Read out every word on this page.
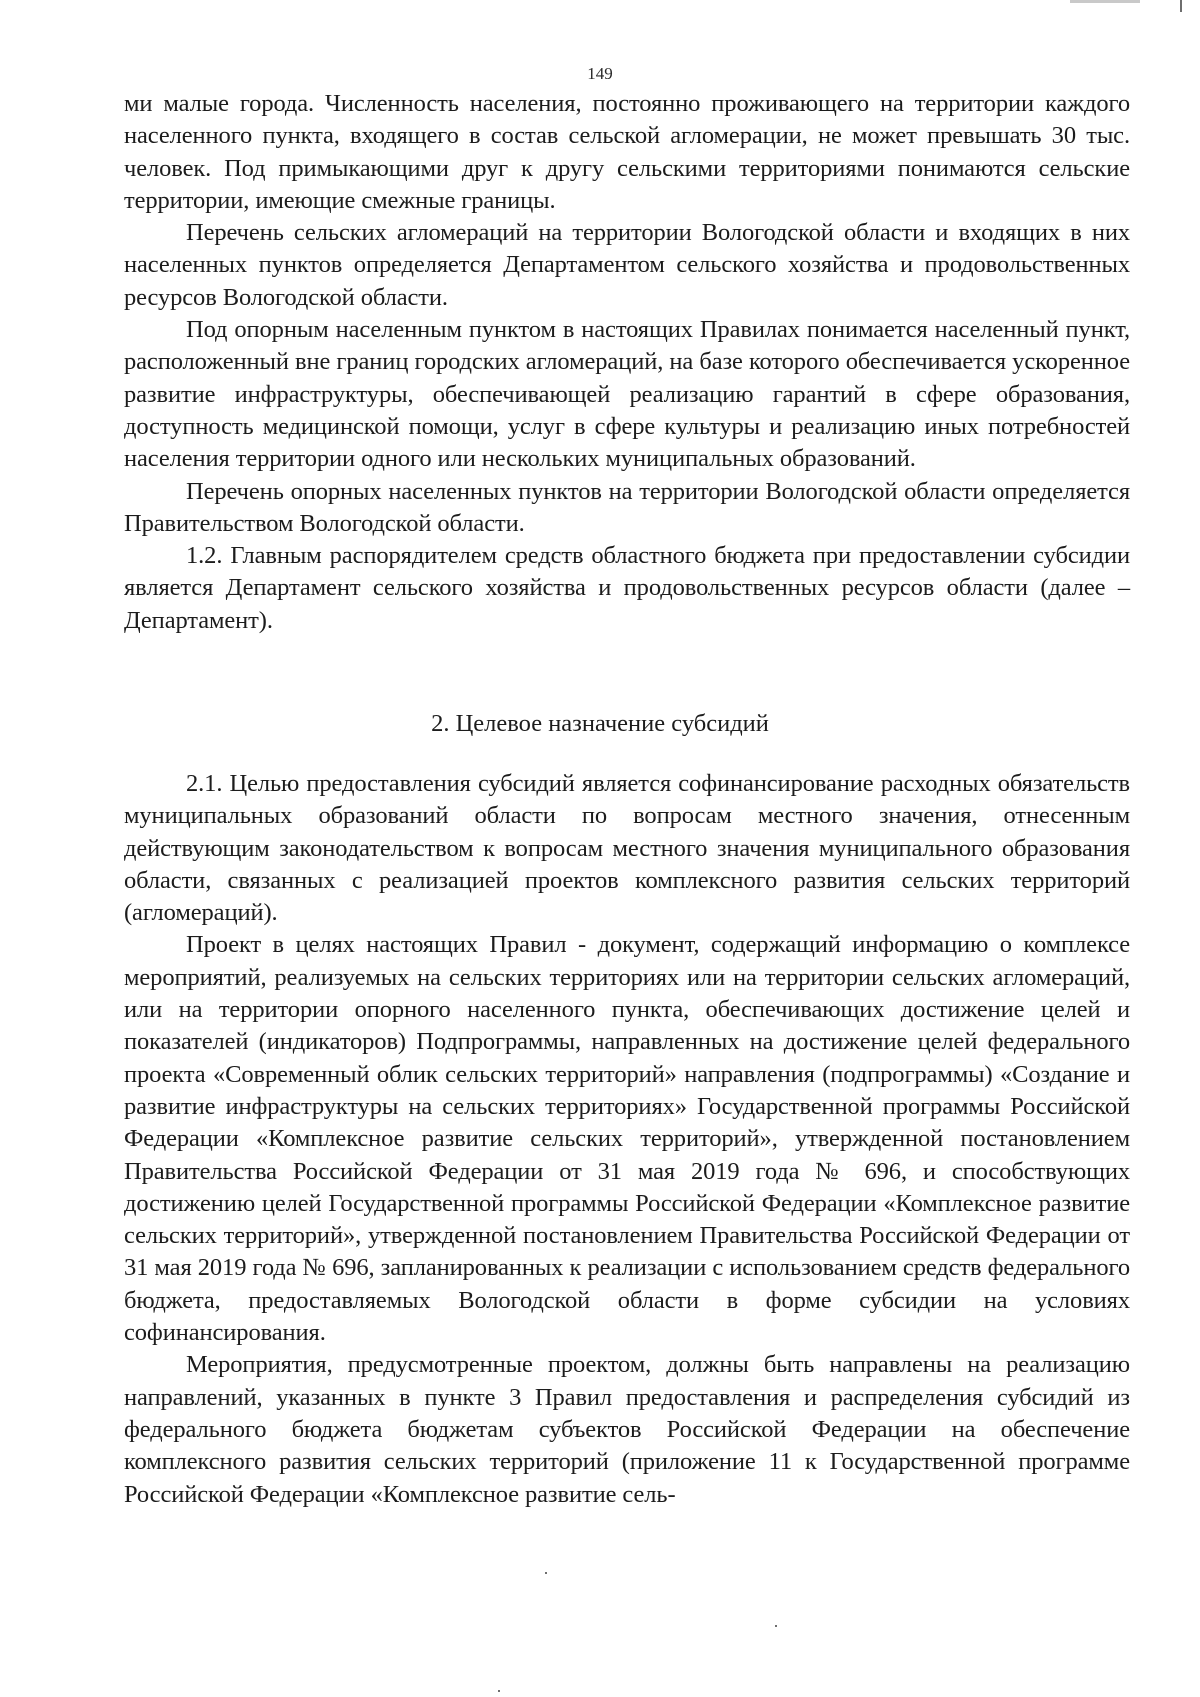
149

ми малые города. Численность населения, постоянно проживающего на территории каждого населенного пункта, входящего в состав сельской агломерации, не может превышать 30 тыс. человек. Под примыкающими друг к другу сельскими территориями понимаются сельские территории, имеющие смежные границы.

Перечень сельских агломераций на территории Вологодской области и входящих в них населенных пунктов определяется Департаментом сельского хозяйства и продовольственных ресурсов Вологодской области.

Под опорным населенным пунктом в настоящих Правилах понимается населенный пункт, расположенный вне границ городских агломераций, на базе которого обеспечивается ускоренное развитие инфраструктуры, обеспечивающей реализацию гарантий в сфере образования, доступность медицинской помощи, услуг в сфере культуры и реализацию иных потребностей населения территории одного или нескольких муниципальных образований.

Перечень опорных населенных пунктов на территории Вологодской области определяется Правительством Вологодской области.

1.2. Главным распорядителем средств областного бюджета при предоставлении субсидии является Департамент сельского хозяйства и продовольственных ресурсов области (далее – Департамент).

2. Целевое назначение субсидий

2.1. Целью предоставления субсидий является софинансирование расходных обязательств муниципальных образований области по вопросам местного значения, отнесенным действующим законодательством к вопросам местного значения муниципального образования области, связанных с реализацией проектов комплексного развития сельских территорий (агломераций).

Проект в целях настоящих Правил - документ, содержащий информацию о комплексе мероприятий, реализуемых на сельских территориях или на территории сельских агломераций, или на территории опорного населенного пункта, обеспечивающих достижение целей и показателей (индикаторов) Подпрограммы, направленных на достижение целей федерального проекта «Современный облик сельских территорий» направления (подпрограммы) «Создание и развитие инфраструктуры на сельских территориях» Государственной программы Российской Федерации «Комплексное развитие сельских территорий», утвержденной постановлением Правительства Российской Федерации от 31 мая 2019 года № 696, и способствующих достижению целей Государственной программы Российской Федерации «Комплексное развитие сельских территорий», утвержденной постановлением Правительства Российской Федерации от 31 мая 2019 года № 696, запланированных к реализации с использованием средств федерального бюджета, предоставляемых Вологодской области в форме субсидии на условиях софинансирования.

Мероприятия, предусмотренные проектом, должны быть направлены на реализацию направлений, указанных в пункте 3 Правил предоставления и распределения субсидий из федерального бюджета бюджетам субъектов Российской Федерации на обеспечение комплексного развития сельских территорий (приложение 11 к Государственной программе Российской Федерации «Комплексное развитие сель-
